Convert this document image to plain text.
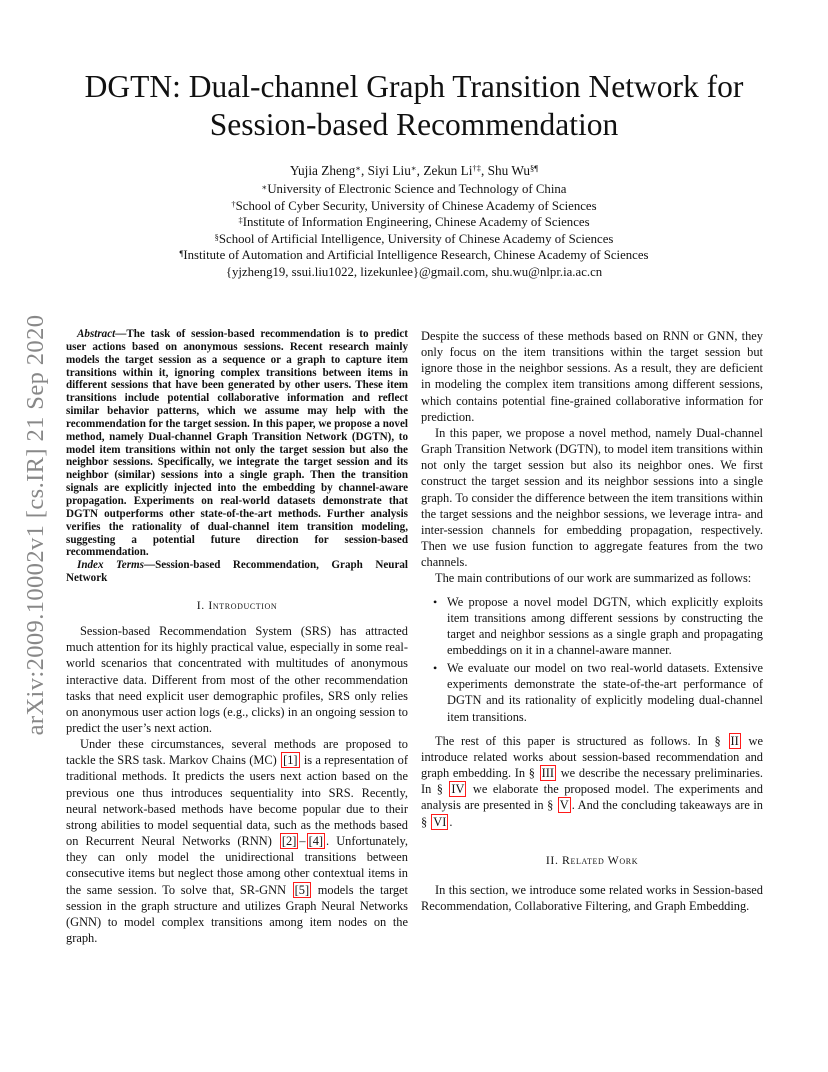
arXiv:2009.10002v1 [cs.IR] 21 Sep 2020
DGTN: Dual-channel Graph Transition Network for
Session-based Recommendation
Yujia Zheng∗, Siyi Liu∗, Zekun Li†‡, Shu Wu§¶
∗University of Electronic Science and Technology of China
†School of Cyber Security, University of Chinese Academy of Sciences
‡Institute of Information Engineering, Chinese Academy of Sciences
§School of Artificial Intelligence, University of Chinese Academy of Sciences
¶Institute of Automation and Artificial Intelligence Research, Chinese Academy of Sciences
{yjzheng19, ssui.liu1022, lizekunlee}@gmail.com, shu.wu@nlpr.ia.ac.cn

Abstract—The task of session-based recommendation is to predict user actions based on anonymous sessions. Recent research mainly models the target session as a sequence or a graph to capture item transitions within it, ignoring complex transitions between items in different sessions that have been generated by other users. These item transitions include potential collaborative information and reflect similar behavior patterns, which we assume may help with the recommendation for the target session. In this paper, we propose a novel method, namely Dual-channel Graph Transition Network (DGTN), to model item transitions within not only the target session but also the neighbor sessions. Specifically, we integrate the target session and its neighbor (similar) sessions into a single graph. Then the transition signals are explicitly injected into the embedding by channel-aware propagation. Experiments on real-world datasets demonstrate that DGTN outperforms other state-of-the-art methods. Further analysis verifies the rationality of dual-channel item transition modeling, suggesting a potential future direction for session-based recommendation.

Index Terms—Session-based Recommendation, Graph Neural Network

I. Introduction

Session-based Recommendation System (SRS) has attracted much attention for its highly practical value, especially in some real-world scenarios that concentrated with multitudes of anonymous interactive data. Different from most of the other recommendation tasks that need explicit user demographic profiles, SRS only relies on anonymous user action logs (e.g., clicks) in an ongoing session to predict the user’s next action.

Under these circumstances, several methods are proposed to tackle the SRS task. Markov Chains (MC) [1] is a representation of traditional methods. It predicts the users next action based on the previous one thus introduces sequentiality into SRS. Recently, neural network-based methods have become popular due to their strong abilities to model sequential data, such as the methods based on Recurrent Neural Networks (RNN) [2] – [4] . Unfortunately, they can only model the unidirectional transitions between consecutive items but neglect those among other contextual items in the same session. To solve that, SR-GNN [5] models the target session in the graph structure and utilizes Graph Neural Networks (GNN) to model complex transitions among item nodes on the graph.

Despite the success of these methods based on RNN or GNN, they only focus on the item transitions within the target session but ignore those in the neighbor sessions. As a result, they are deficient in modeling the complex item transitions among different sessions, which contains potential fine-grained collaborative information for prediction.

In this paper, we propose a novel method, namely Dual-channel Graph Transition Network (DGTN), to model item transitions within not only the target session but also its neighbor ones. We first construct the target session and its neighbor sessions into a single graph. To consider the difference between the item transitions within the target sessions and the neighbor sessions, we leverage intra- and inter-session channels for embedding propagation, respectively. Then we use fusion function to aggregate features from the two channels.

The main contributions of our work are summarized as follows:

• We propose a novel model DGTN, which explicitly exploits item transitions among different sessions by constructing the target and neighbor sessions as a single graph and propagating embeddings on it in a channel-aware manner.
• We evaluate our model on two real-world datasets. Extensive experiments demonstrate the state-of-the-art performance of DGTN and its rationality of explicitly modeling dual-channel item transitions.

The rest of this paper is structured as follows. In § II we introduce related works about session-based recommendation and graph embedding. In § III we describe the necessary preliminaries. In § IV we elaborate the proposed model. The experiments and analysis are presented in § V . And the concluding takeaways are in § VI .

II. Related Work

In this section, we introduce some related works in Session-based Recommendation, Collaborative Filtering, and Graph Embedding.
